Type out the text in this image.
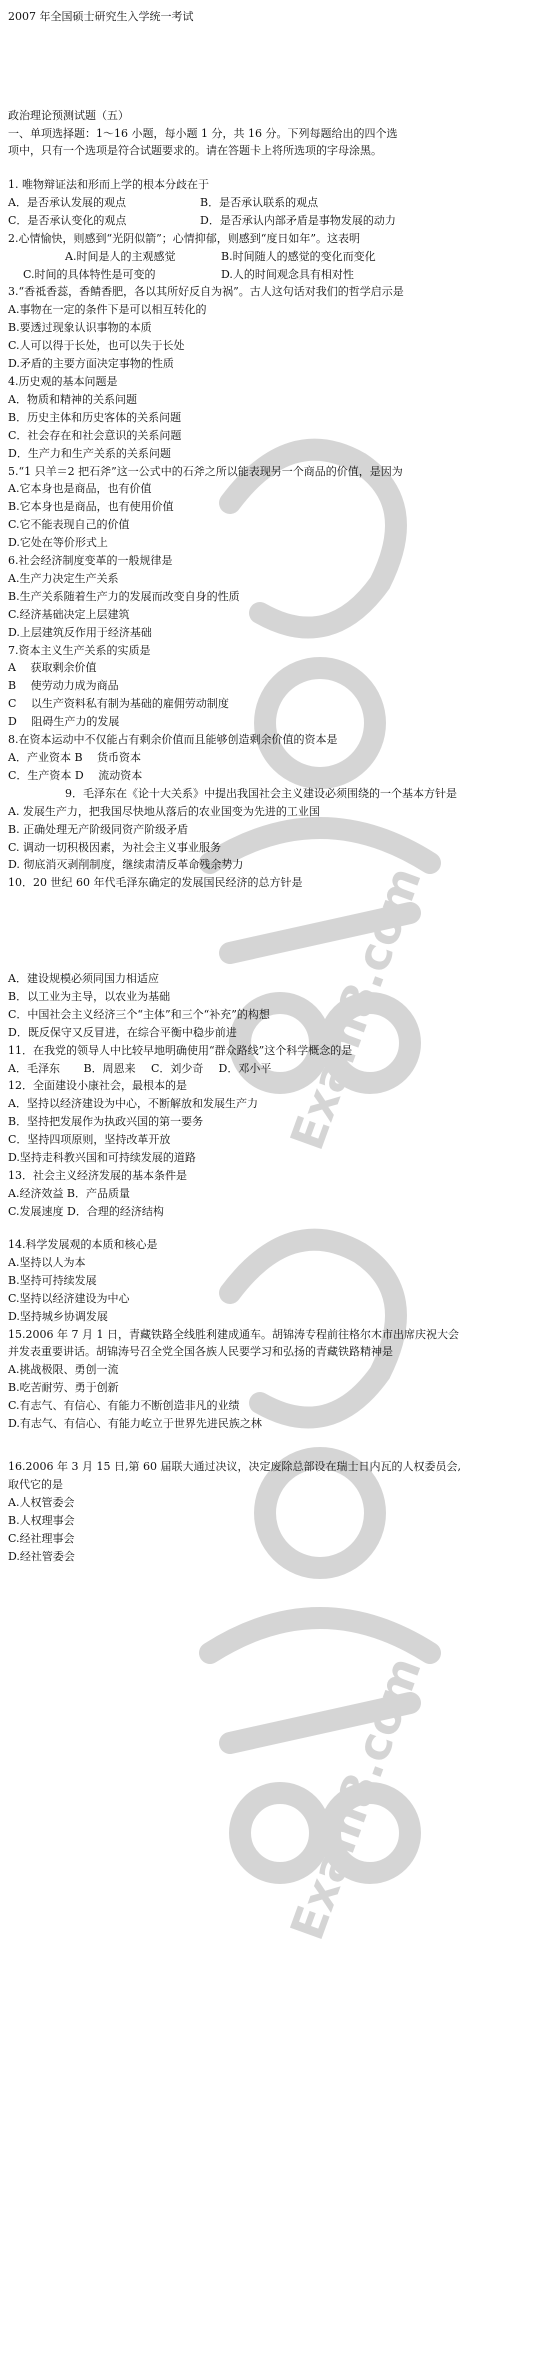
Exam8.com
Exam8.com
2007 年全国硕士研究生入学统一考试
政治理论预测试题（五）

一、单项选择题：1～16 小题，每小题 1 分，共 16 分。下列每题给出的四个选

项中，只有一个选项是符合试题要求的。请在答题卡上将所选项的字母涂黑。

1. 唯物辩证法和形而上学的根本分歧在于

A．是否承认发展的观点	B．是否承认联系的观点
C．是否承认变化的观点	D．是否承认内部矛盾是事物发展的动力

2.心情愉快，则感到“光阴似箭”；心情抑郁，则感到“度日如年”。这表明

A.时间是人的主观感觉	B.时间随人的感觉的变化而变化
C.时间的具体特性是可变的	D.人的时间观念具有相对性

3.“香祗香蕊，香鲭香肥，各以其所好反自为祸”。古人这句话对我们的哲学启示是

A.事物在一定的条件下是可以相互转化的

B.要透过现象认识事物的本质

C.人可以得于长处，也可以失于长处

D.矛盾的主要方面决定事物的性质

4.历史观的基本问题是

A．物质和精神的关系问题

B．历史主体和历史客体的关系问题

C．社会存在和社会意识的关系问题

D．生产力和生产关系的关系问题

5.“1 只羊＝2 把石斧”这一公式中的石斧之所以能表现另一个商品的价值，是因为

A.它本身也是商品，也有价值

B.它本身也是商品，也有使用价值

C.它不能表现自己的价值

D.它处在等价形式上

6.社会经济制度变革的一般规律是

A.生产力决定生产关系

B.生产关系随着生产力的发展而改变自身的性质

C.经济基础决定上层建筑

D.上层建筑反作用于经济基础

7.资本主义生产关系的实质是

A　 获取剩余价值

B　 使劳动力成为商品

C　 以生产资料私有制为基础的雇佣劳动制度

D　 阻碍生产力的发展

8.在资本运动中不仅能占有剩余价值而且能够创造剩余价值的资本是

A．产业资本 B　 货币资本

C．生产资本 D　 流动资本

9．毛泽东在《论十大关系》中提出我国社会主义建设必须围绕的一个基本方针是

A. 发展生产力，把我国尽快地从落后的农业国变为先进的工业国

B. 正确处理无产阶级同资产阶级矛盾

C. 调动一切积极因素，为社会主义事业服务

D. 彻底消灭剥削制度，继续肃清反革命残余势力

10．20 世纪 60 年代毛泽东确定的发展国民经济的总方针是

A．建设规模必须同国力相适应

B．以工业为主导，以农业为基础

C．中国社会主义经济三个“主体”和三个“补充”的构想

D．既反保守又反冒进，在综合平衡中稳步前进

11．在我党的领导人中比较早地明确使用“群众路线”这个科学概念的是

A．毛泽东 B．周恩来 C．刘少奇 D．邓小平

12．全面建设小康社会，最根本的是

A．坚持以经济建设为中心，不断解放和发展生产力

B．坚持把发展作为执政兴国的第一要务

C．坚持四项原则，坚持改革开放

D.坚持走科教兴国和可持续发展的道路

13．社会主义经济发展的基本条件是

A.经济效益 B．产品质量

C.发展速度 D．合理的经济结构

14.科学发展观的本质和核心是

A.坚持以人为本

B.坚持可持续发展

C.坚持以经济建设为中心

D.坚持城乡协调发展

15.2006 年 7 月 1 日，青藏铁路全线胜利建成通车。胡锦涛专程前往格尔木市出席庆祝大会

并发表重要讲话。胡锦涛号召全党全国各族人民要学习和弘扬的青藏铁路精神是

A.挑战极限、勇创一流

B.吃苦耐劳、勇于创新

C.有志气、有信心、有能力不断创造非凡的业绩

D.有志气、有信心、有能力屹立于世界先进民族之林

16.2006 年 3 月 15 日,第 60 届联大通过决议，决定废除总部设在瑞士日内瓦的人权委员会,

取代它的是

A.人权管委会

B.人权理事会

C.经社理事会

D.经社管委会
